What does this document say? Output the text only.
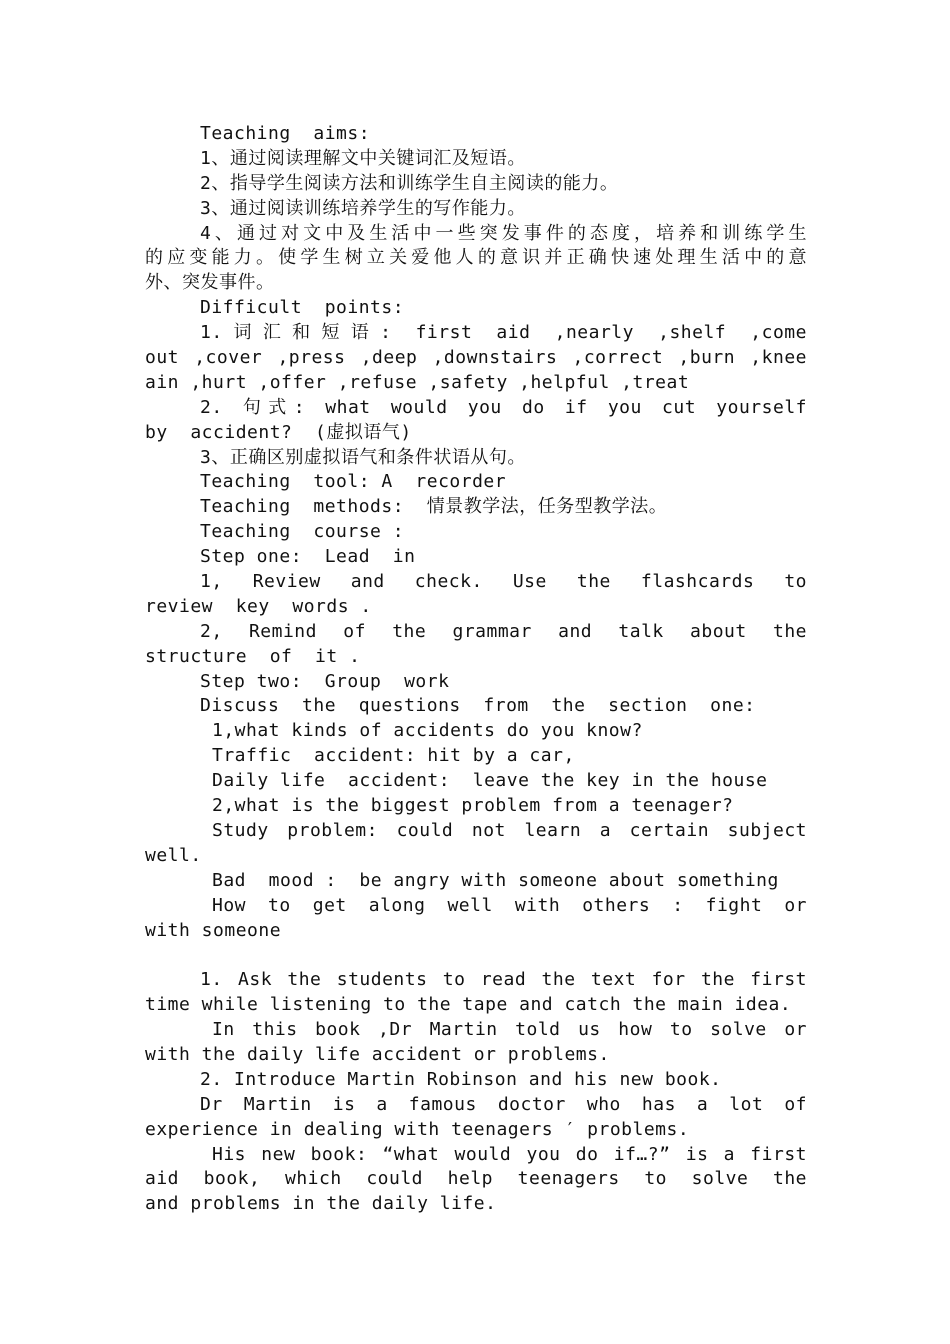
Teaching  aims:
1、通过阅读理解文中关键词汇及短语。
2、指导学生阅读方法和训练学生自主阅读的能力。
3、通过阅读训练培养学生的写作能力。
4、通过对文中及生活中一些突发事件的态度，培养和训练学生
的应变能力。使学生树立关爱他人的意识并正确快速处理生活中的意
外、突发事件。
Difficult  points:
1.词汇和短语: first aid ,nearly ,shelf ,come
out ,cover ,press ,deep ,downstairs ,correct ,burn ,knee
ain ,hurt ,offer ,refuse ,safety ,helpful ,treat
2. 句式: what would you do if you cut yourself
by  accident?  (虚拟语气)
3、正确区别虚拟语气和条件状语从句。
Teaching  tool: A  recorder
Teaching  methods:  情景教学法，任务型教学法。
Teaching  course :
Step one:  Lead  in
1, Review and check. Use the flashcards to
review  key  words .
2, Remind of the grammar and talk about the
structure  of  it .
Step two:  Group  work
Discuss  the  questions  from  the  section  one:
1,what kinds of accidents do you know?
Traffic  accident: hit by a car,
Daily life  accident:  leave the key in the house
2,what is the biggest problem from a teenager?
Study problem: could not learn a certain subject
well.
Bad  mood :  be angry with someone about something
How to get along well with others : fight or
with someone
1. Ask the students to read the text for the first
time while listening to the tape and catch the main idea.
In this book ,Dr Martin told us how to solve or
with the daily life accident or problems.
2. Introduce Martin Robinson and his new book.
Dr Martin is a famous doctor who has a lot of
experience in dealing with teenagers ′ problems.
His new book: “what would you do if…?” is a first
aid book, which could help teenagers to solve the
and problems in the daily life.
